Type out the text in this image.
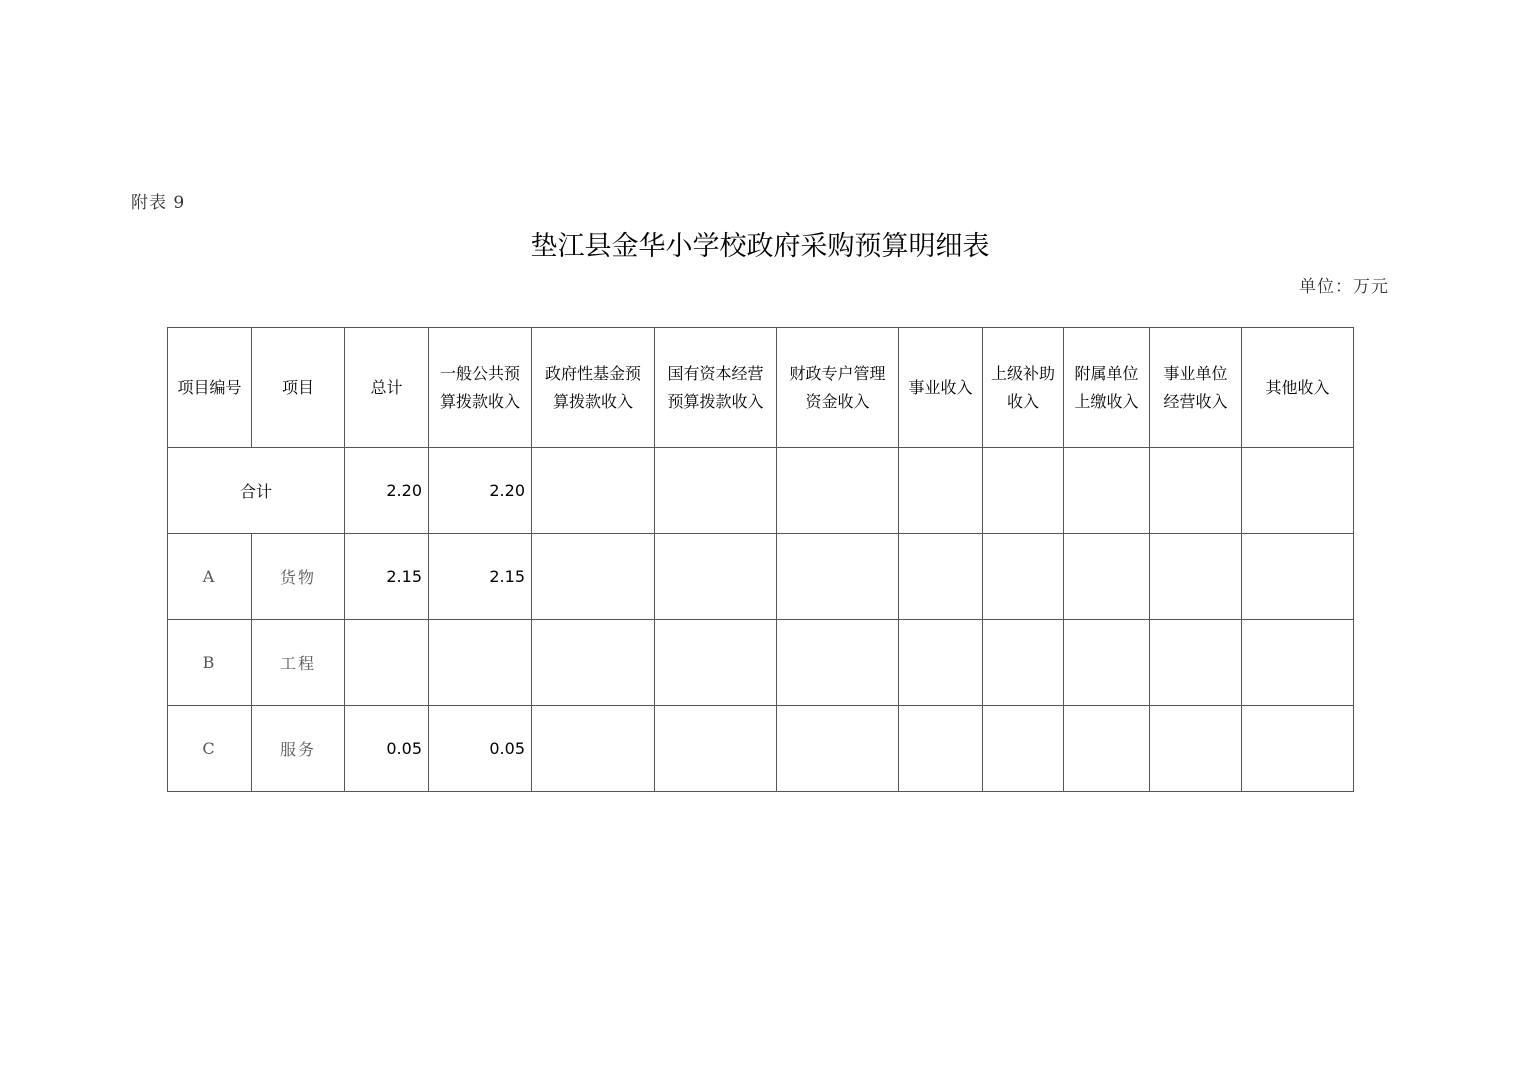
附表 9
垫江县金华小学校政府采购预算明细表
单位：万元
项目编号	项目	总计	一般公共预算拨款收入	政府性基金预算拨款收入	国有资本经营预算拨款收入	财政专户管理资金收入	事业收入	上级补助收入	附属单位上缴收入	事业单位经营收入	其他收入
合计		2.20	2.20								
A	货物	2.15	2.15								
B	工程										
C	服务	0.05	0.05								
